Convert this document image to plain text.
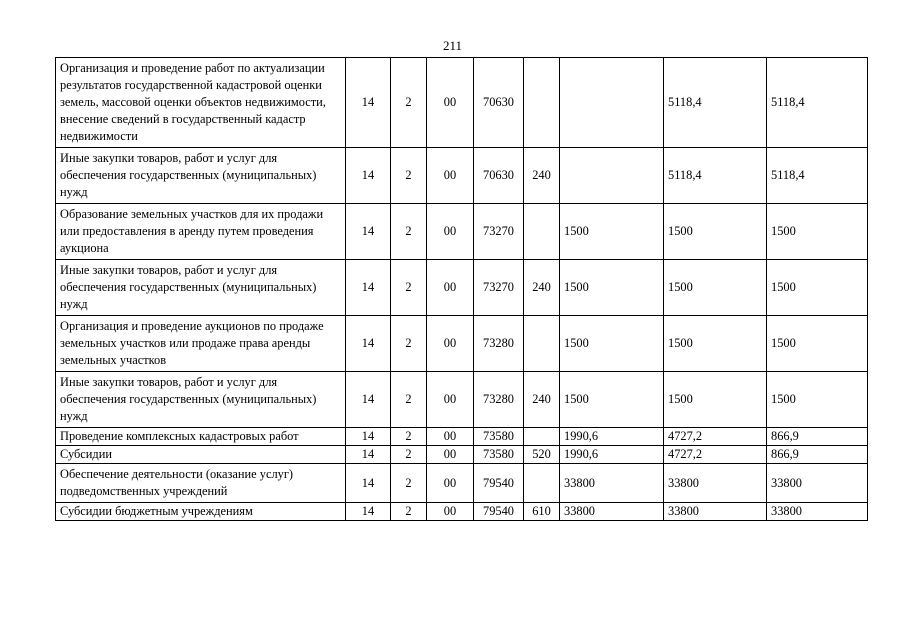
211
Организация и проведение работ по актуализации результатов государственной кадастровой оценки земель, массовой оценки объектов недвижимости, внесение сведений в государственный кадастр недвижимости	14	2	00	70630			5118,4	5118,4
Иные закупки товаров, работ и услуг для обеспечения государственных (муниципальных) нужд	14	2	00	70630	240		5118,4	5118,4
Образование земельных участков для их продажи или предоставления в аренду путем проведения аукциона	14	2	00	73270		1500	1500	1500
Иные закупки товаров, работ и услуг для обеспечения государственных (муниципальных) нужд	14	2	00	73270	240	1500	1500	1500
Организация и проведение аукционов по продаже земельных участков или продаже права аренды земельных участков	14	2	00	73280		1500	1500	1500
Иные закупки товаров, работ и услуг для обеспечения государственных (муниципальных) нужд	14	2	00	73280	240	1500	1500	1500
Проведение комплексных кадастровых работ	14	2	00	73580		1990,6	4727,2	866,9
Субсидии	14	2	00	73580	520	1990,6	4727,2	866,9
Обеспечение деятельности (оказание услуг) подведомственных учреждений	14	2	00	79540		33800	33800	33800
Субсидии бюджетным учреждениям	14	2	00	79540	610	33800	33800	33800
